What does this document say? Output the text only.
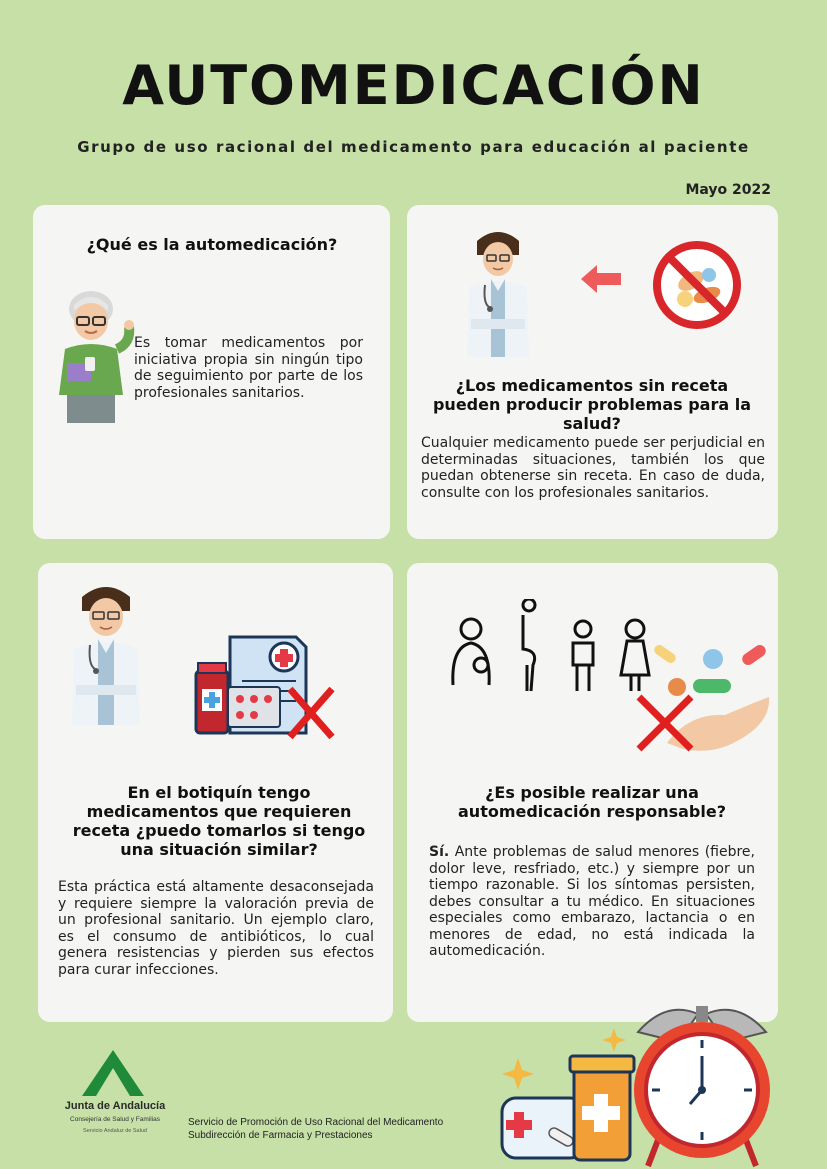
AUTOMEDICACIÓN
Grupo de uso racional del medicamento para educación al paciente
Mayo 2022
¿Qué es la automedicación?
Es tomar medicamentos por iniciativa propia sin ningún tipo de seguimiento por parte de los profesionales sanitarios.	¿Los medicamentos sin receta pueden producir problemas para la salud?
Cualquier medicamento puede ser perjudicial en determinadas situaciones, también los que puedan obtenerse sin receta. En caso de duda, consulte con los profesionales sanitarios.
En el botiquín tengo medicamentos que requieren receta ¿puedo tomarlos si tengo una situación similar?
Esta práctica está altamente desaconsejada y requiere siempre la valoración previa de un profesional sanitario. Un ejemplo claro, es el consumo de antibióticos, lo cual genera resistencias y pierden sus efectos para curar infecciones.
¿Es posible realizar una automedicación responsable?
Sí. Ante problemas de salud menores (fiebre, dolor leve, resfriado, etc.) y siempre por un tiempo razonable. Si los síntomas persisten, debes consultar a tu médico. En situaciones especiales como embarazo, lactancia o en menores de edad, no está indicada la automedicación.
Junta de Andalucía
Consejería de Salud y Familias
Servicio Andaluz de Salud
Servicio de Promoción de Uso Racional del Medicamento
Subdirección de Farmacia y Prestaciones
